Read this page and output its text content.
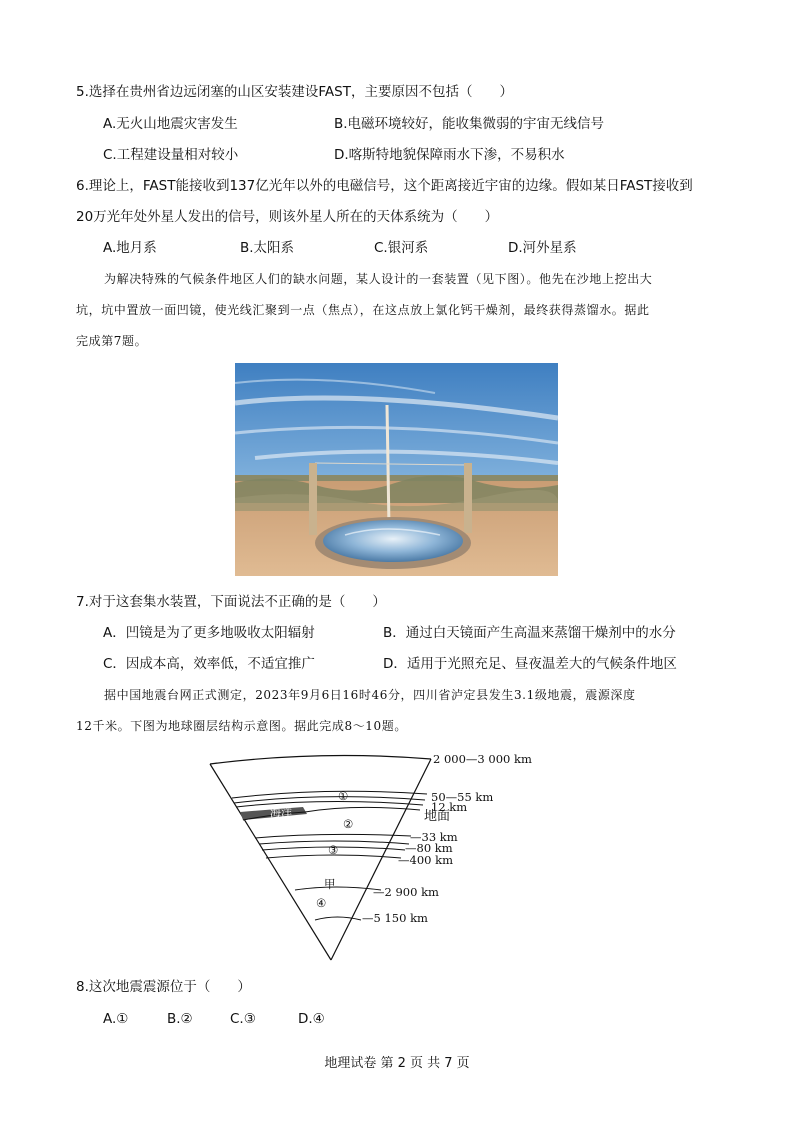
5.选择在贵州省边远闭塞的山区安装建设FAST，主要原因不包括（　　）
A.无火山地震灾害发生	B.电磁环境较好，能收集微弱的宇宙无线信号
C.工程建设量相对较小	D.喀斯特地貌保障雨水下渗，不易积水
6.理论上，FAST能接收到137亿光年以外的电磁信号，这个距离接近宇宙的边缘。假如某日FAST接收到
20万光年处外星人发出的信号，则该外星人所在的天体系统为（　　）
A.地月系	B.太阳系	C.银河系	D.河外星系
为解决特殊的气候条件地区人们的缺水问题，某人设计的一套装置（见下图）。他先在沙地上挖出大
坑，坑中置放一面凹镜，使光线汇聚到一点（焦点），在这点放上氯化钙干燥剂，最终获得蒸馏水。据此
完成第7题。
7.对于这套集水装置，下面说法不正确的是（　　）
A．凹镜是为了更多地吸收太阳辐射	B．通过白天镜面产生高温来蒸馏干燥剂中的水分
C．因成本高，效率低，不适宜推广	D．适用于光照充足、昼夜温差大的气候条件地区
据中国地震台网正式测定，2023年9月6日16时46分，四川省泸定县发生3.1级地震，震源深度
12千米。下图为地球圈层结构示意图。据此完成8～10题。
①
海洋
②
③
甲
④
2 000—3 000 km
50—55 km
12 km
地面
—33 km
—80 km
—400 km
—2 900 km
—5 150 km
8.这次地震震源位于（　　）
A.①	B.②	C.③	D.④
地理试卷 第 2 页 共 7 页
